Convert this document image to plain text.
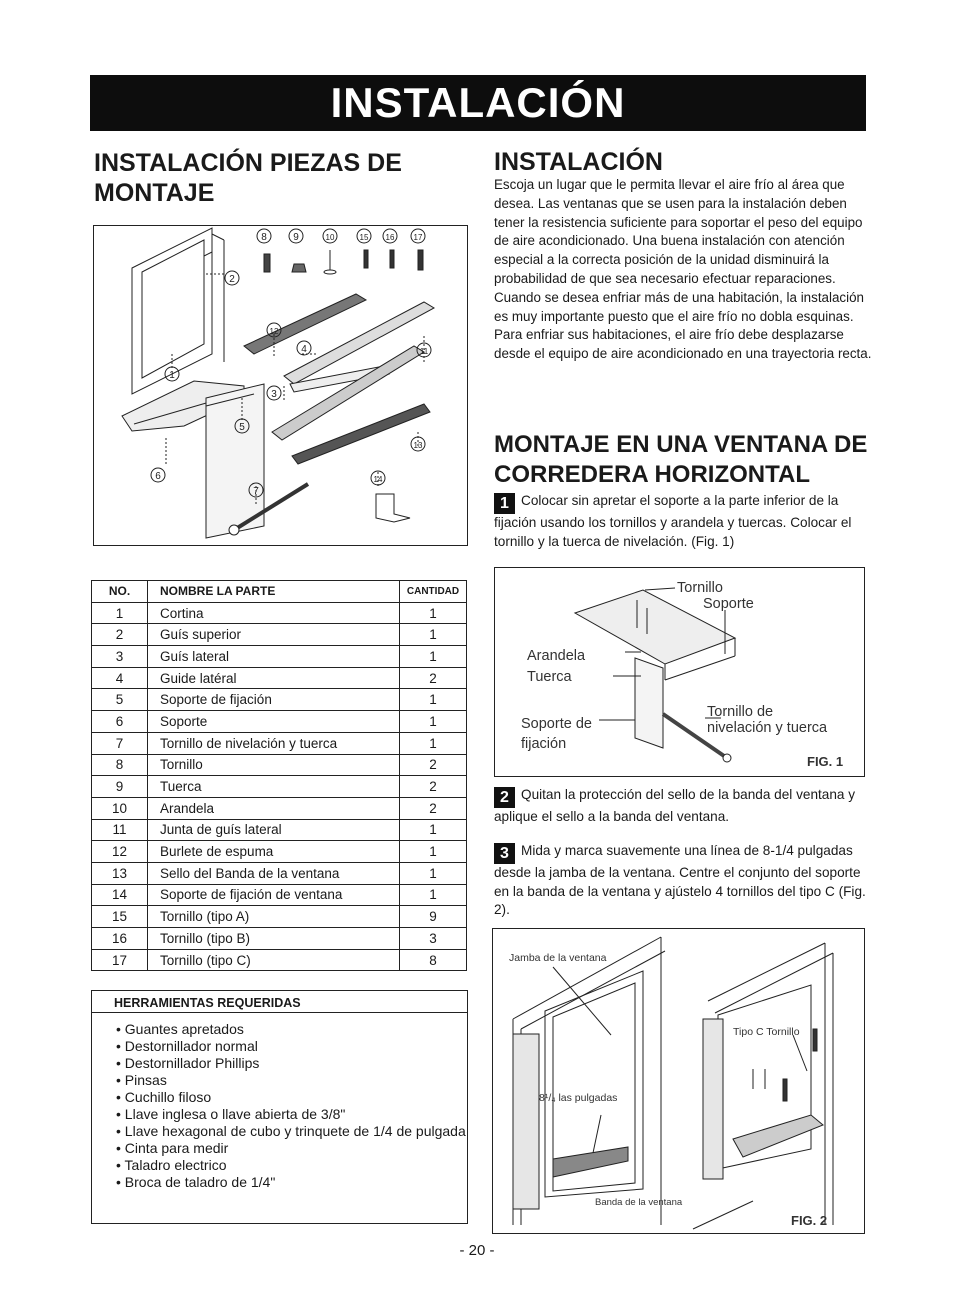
INSTALACIÓN
INSTALACIÓN PIEZAS DE MONTAJE
1
2
3
4
5
6
7
8	9	10
11
12
13
14
15 16 17
NO.	NOMBRE LA PARTE	CANTIDAD
1	Cortina	1
2	Guís superior	1
3	Guís lateral	1
4	Guide latéral	2
5	Soporte de fijación	1
6	Soporte	1
7	Tornillo de nivelación y tuerca	1
8	Tornillo	2
9	Tuerca	2
10	Arandela	2
11	Junta de guís lateral	1
12	Burlete de espuma	1
13	Sello del Banda de la ventana	1
14	Soporte de fijación de ventana	1
15	Tornillo (tipo A)	9
16	Tornillo (tipo B)	3
17	Tornillo (tipo C)	8
HERRAMIENTAS REQUERIDAS
• Guantes apretados
• Destornillador normal
• Destornillador Phillips
• Pinsas
• Cuchillo filoso
• Llave inglesa o llave abierta de 3/8"
• Llave hexagonal de cubo y trinquete de 1/4 de pulgada
• Cinta para medir
• Taladro electrico
• Broca de taladro de 1/4"
INSTALACIÓN
Escoja un lugar que le permita llevar el aire frío al área que desea. Las ventanas que se usen para la instalación deben tener la resistencia suficiente para soportar el peso del equipo de aire acondicionado. Una buena instalación con atención especial a la correcta posición de la unidad disminuirá la probabilidad de que sea necesario efectuar reparaciones. Cuando se desea enfriar más de una habitación, la instalación es muy importante puesto que el aire frío no dobla esquinas. Para enfriar sus habitaciones, el aire frío debe desplazarse desde el equipo de aire acondicionado en una trayectoria recta.
MONTAJE EN UNA VENTANA DE CORREDERA HORIZONTAL
1 Colocar sin apretar el soporte a la parte inferior de la fijación usando los tornillos y arandela y tuercas. Colocar el tornillo y la tuerca de nivelación. (Fig. 1)
Tornillo
Soporte
Arandela
Tuerca
Soporte de
fijación
Tornillo de
nivelación y tuerca
FIG. 1
2 Quitan la protección del sello de la banda del ventana y aplique el sello a la banda del ventana.
3 Mida y marca suavemente una línea de 8-1/4 pulgadas desde la jamba de la ventana. Centre el conjunto del soporte en la banda de la ventana y ajústelo 4 tornillos del tipo C (Fig. 2).
Jamba de la ventana
8¹/₄ las pulgadas
Banda de la ventana
Tipo C Tornillo
FIG. 2
- 20 -
